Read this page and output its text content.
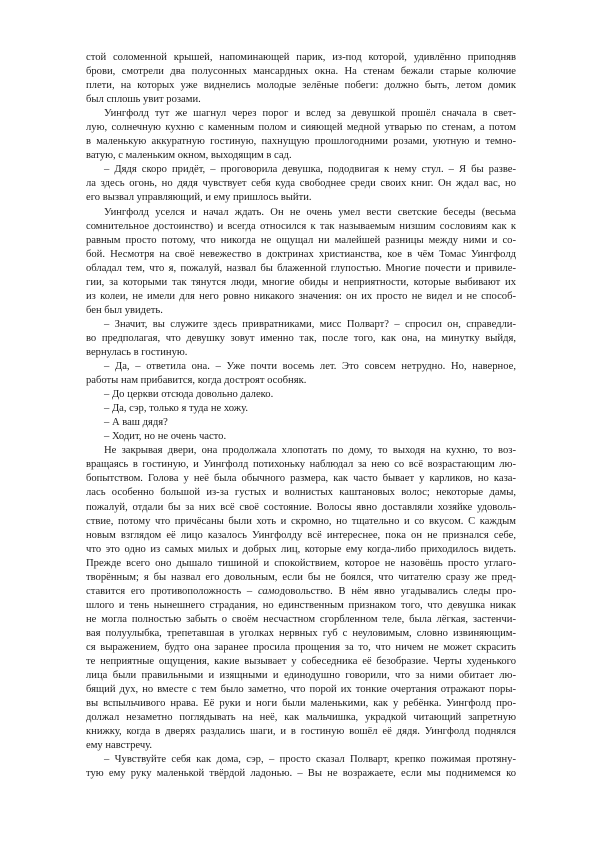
стой соломенной крышей, напоминающей парик, из-под которой, удивлённо приподняв
брови, смотрели два полусонных мансардных окна. На стенам бежали старые колючие
плети, на которых уже виднелись молодые зелёные побеги: должно быть, летом домик
был сплошь увит розами.
Уингфолд тут же шагнул через порог и вслед за девушкой прошёл сначала в свет-
лую, солнечную кухню с каменным полом и сияющей медной утварью по стенам, а потом
в маленькую аккуратную гостиную, пахнущую прошлогодними розами, уютную и темно-
ватую, с маленьким окном, выходящим в сад.
– Дядя скоро придёт, – проговорила девушка, пододвигая к нему стул. – Я бы разве-
ла здесь огонь, но дядя чувствует себя куда свободнее среди своих книг. Он ждал вас, но
его вызвал управляющий, и ему пришлось выйти.
Уингфолд уселся и начал ждать. Он не очень умел вести светские беседы (весьма
сомнительное достоинство) и всегда относился к так называемым низшим сословиям как к
равным просто потому, что никогда не ощущал ни малейшей разницы между ними и со-
бой. Несмотря на своё невежество в доктринах христианства, кое в чём Томас Уингфолд
обладал тем, что я, пожалуй, назвал бы блаженной глупостью. Многие почести и привиле-
гии, за которыми так тянутся люди, многие обиды и неприятности, которые выбивают их
из колеи, не имели для него ровно никакого значения: он их просто не видел и не способ-
бен был увидеть.
– Значит, вы служите здесь привратниками, мисс Полварт? – спросил он, справедли-
во предполагая, что девушку зовут именно так, после того, как она, на минутку выйдя,
вернулась в гостиную.
– Да, – ответила она. – Уже почти восемь лет. Это совсем нетрудно. Но, наверное,
работы нам прибавится, когда достроят особняк.
– До церкви отсюда довольно далеко.
– Да, сэр, только я туда не хожу.
– А ваш дядя?
– Ходит, но не очень часто.
Не закрывая двери, она продолжала хлопотать по дому, то выходя на кухню, то воз-
вращаясь в гостиную, и Уингфолд потихоньку наблюдал за нею со всё возрастающим лю-
бопытством. Голова у неё была обычного размера, как часто бывает у карликов, но каза-
лась особенно большой из-за густых и волнистых каштановых волос; некоторые дамы,
пожалуй, отдали бы за них всё своё состояние. Волосы явно доставляли хозяйке удоволь-
ствие, потому что причёсаны были хоть и скромно, но тщательно и со вкусом. С каждым
новым взглядом её лицо казалось Уингфолду всё интереснее, пока он не признался себе,
что это одно из самых милых и добрых лиц, которые ему когда-либо приходилось видеть.
Прежде всего оно дышало тишиной и спокойствием, которое не назовёшь просто углаго-
творённым; я бы назвал его довольным, если бы не боялся, что читателю сразу же пред-
ставится его противоположность – самодовольство. В нём явно угадывались следы про-
шлого и тень нынешнего страдания, но единственным признаком того, что девушка никак
не могла полностью забыть о своём несчастном сгорбленном теле, была лёгкая, застенчи-
вая полуулыбка, трепетавшая в уголках нервных губ с неуловимым, словно извиняющим-
ся выражением, будто она заранее просила прощения за то, что ничем не может скрасить
те неприятные ощущения, какие вызывает у собеседника её безобразие. Черты худенького
лица были правильными и изящными и единодушно говорили, что за ними обитает лю-
бящий дух, но вместе с тем было заметно, что порой их тонкие очертания отражают поры-
вы вспыльчивого нрава. Её руки и ноги были маленькими, как у ребёнка. Уингфолд про-
должал незаметно поглядывать на неё, как мальчишка, украдкой читающий запретную
книжку, когда в дверях раздались шаги, и в гостиную вошёл её дядя. Уингфолд поднялся
ему навстречу.
– Чувствуйте себя как дома, сэр, – просто сказал Полварт, крепко пожимая протяну-
тую ему руку маленькой твёрдой ладонью. – Вы не возражаете, если мы поднимемся ко
